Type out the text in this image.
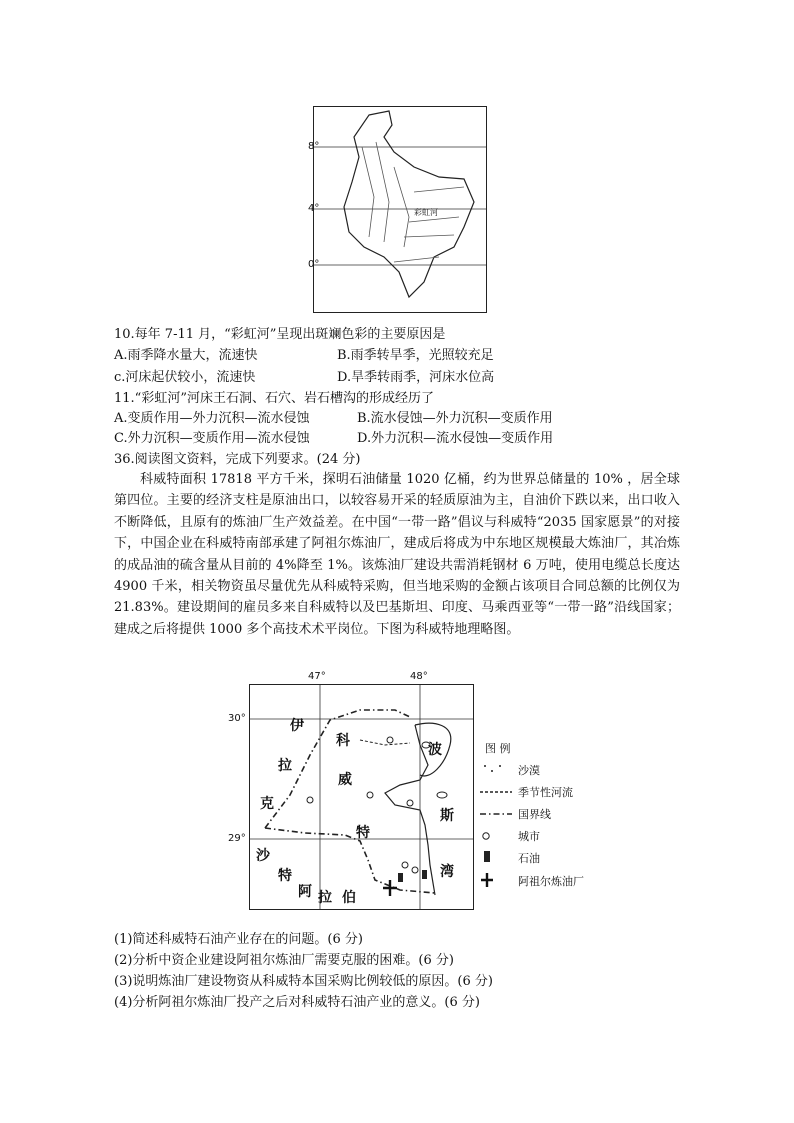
8°
4°
0°
彩虹河
10.每年 7-11 月，“彩虹河”呈现出斑斓色彩的主要原因是
A.雨季降水量大，流速快	B.雨季转旱季，光照较充足
c.河床起伏较小，流速快	D.旱季转雨季，河床水位高
11.“彩虹河”河床王石洞、石穴、岩石槽沟的形成经历了
A.变质作用—外力沉积—流水侵蚀	B.流水侵蚀—外力沉积—变质作用
C.外力沉积—变质作用—流水侵蚀	D.外力沉积—流水侵蚀—变质作用
36.阅读图文资料，完成下列要求。(24 分)
科威特面积 17818 平方千米，探明石油储量 1020 亿桶，约为世界总储量的 10% ，居全球第四位。主要的经济支柱是原油出口，以较容易开采的轻质原油为主，自油价下跌以来，出口收入不断降低，且原有的炼油厂生产效益差。在中国“一带一路”倡议与科威特“2035 国家愿景”的对接下，中国企业在科威特南部承建了阿祖尔炼油厂，建成后将成为中东地区规模最大炼油厂，其冶炼的成品油的硫含量从目前的 4%降至 1%。该炼油厂建设共需消耗钢材 6 万吨，使用电缆总长度达 4900 千米，相关物资虽尽量优先从科威特采购，但当地采购的金额占该项目合同总额的比例仅为 21.83%。建设期间的雇员多来自科威特以及巴基斯坦、印度、马乘西亚等“一带一路”沿线国家；建成之后将提供 1000 多个高技术术平岗位。下图为科威特地理略图。
47°	48°
30°
29°
伊
拉
克
科
威
特
波
斯
湾
沙
特
阿 拉 伯
图 例
沙漠
季节性河流
国界线
城市
石油
阿祖尔炼油厂
(1)简述科威特石油产业存在的问题。(6 分)
(2)分析中资企业建设阿祖尔炼油厂需要克服的困难。(6 分)
(3)说明炼油厂建设物资从科威特本国采购比例较低的原因。(6 分)
(4)分析阿祖尔炼油厂投产之后对科威特石油产业的意义。(6 分)
